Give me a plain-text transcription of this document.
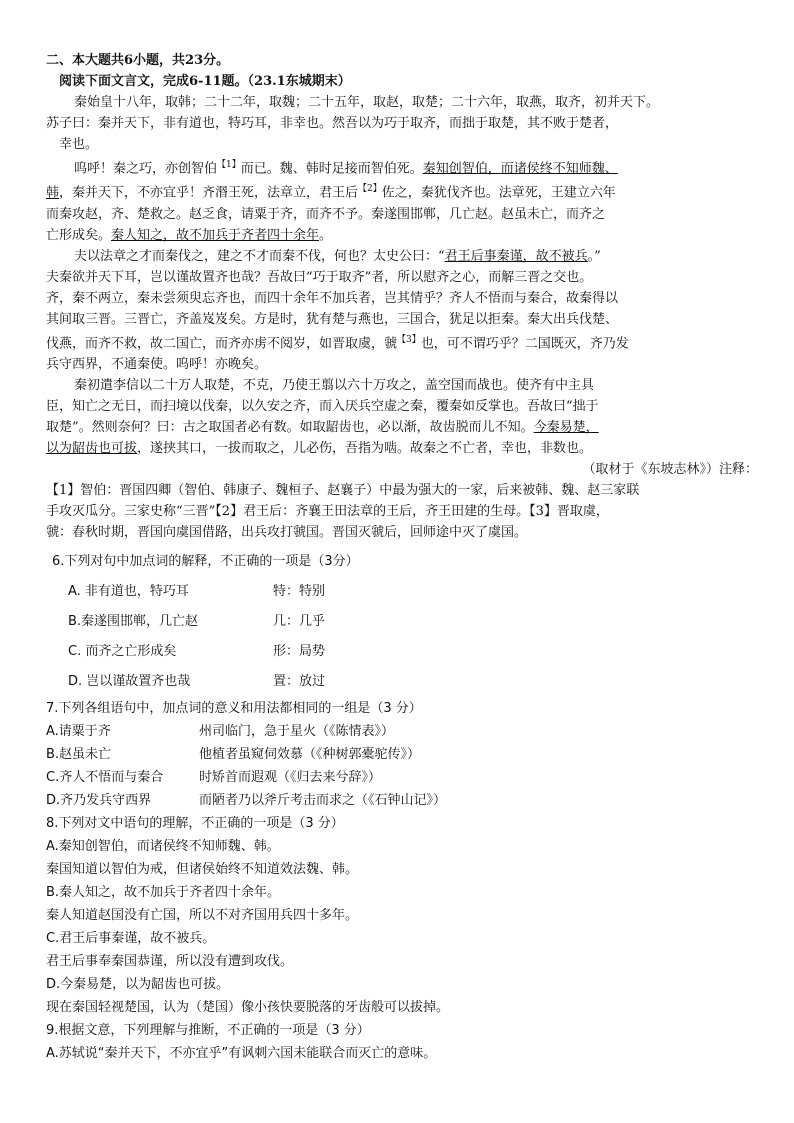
二、本大题共6小题，共23分。
阅读下面文言文，完成6-11题。（23.1东城期末）
秦始皇十八年，取韩；二十二年，取魏；二十五年，取赵，取楚；二十六年，取燕，取齐，初并天下。
苏子曰：秦并天下，非有道也，特巧耳，非幸也。然吾以为巧于取齐，而拙于取楚，其不败于楚者，
幸也。
呜呼！秦之巧，亦创智伯$^{【1】}$而已。魏、韩时足接而智伯死。秦知创智伯，而诸侯终不知师魏、
韩，秦并天下，不亦宜乎！齐湣王死，法章立，君王后$^{【2】}$佐之，秦犹伐齐也。法章死，王建立六年
而秦攻赵，齐、楚救之。赵乏食，请粟于齐，而齐不予。秦遂围邯郸，几亡赵。赵虽未亡，而齐之
亡形成矣。秦人知之，故不加兵于齐者四十余年。
夫以法章之才而秦伐之，建之不才而秦不伐，何也？太史公曰：“君王后事秦谨，故不被兵。”
夫秦欲并天下耳，岂以谨故置齐也哉？吾故曰“巧于取齐”者，所以慰齐之心，而解三晋之交也。
齐，秦不两立，秦未尝须臾忘齐也，而四十余年不加兵者，岂其情乎？齐人不悟而与秦合，故秦得以
其间取三晋。三晋亡，齐盖岌岌矣。方是时，犹有楚与燕也，三国合，犹足以拒秦。秦大出兵伐楚、
伐燕，而齐不救，故二国亡，而齐亦虏不阅岁，如晋取虞，虢$^{【3】}$也，可不谓巧乎？二国既灭，齐乃发
兵守西界，不通秦使。呜呼！亦晚矣。
秦初遣李信以二十万人取楚，不克，乃使王翦以六十万攻之，盖空国而战也。使齐有中主具
臣，知亡之无日，而扫境以伐秦，以久安之齐，而入厌兵空虚之秦，覆秦如反掌也。吾故曰“拙于
取楚”。然则奈何？曰：古之取国者必有数。如取龆齿也，必以渐，故齿脱而儿不知。今秦易楚，
以为龆齿也可拔，遂挟其口，一拔而取之，儿必伤，吾指为啮。故秦之不亡者，幸也，非数也。
（取材于《东坡志林》）注释：
【1】智伯：晋国四卿（智伯、韩康子、魏桓子、赵襄子）中最为强大的一家，后来被韩、魏、赵三家联
手攻灭瓜分。三家史称“三晋”【2】君王后：齐襄王田法章的王后，齐王田建的生母。【3】晋取虞，
虢：春秋时期，晋国向虞国借路，出兵攻打虢国。晋国灭虢后，回师途中灭了虞国。
6.下列对句中加点词的解释，不正确的一项是（3分）
A. 非有道也，特巧耳	特：特别
B.秦遂围邯郸，几亡赵	几：几乎
C. 而齐之亡形成矣	形：局势
D. 岂以谨故置齐也哉	置：放过
7.下列各组语句中，加点词的意义和用法都相同的一组是（3 分）
A.请粟于齐	州司临门，急于星火（《陈情表》）
B.赵虽未亡	他植者虽窥伺效慕（《种树郭橐驼传》）
C.齐人不悟而与秦合	时矫首而遐观（《归去来兮辞》）
D.齐乃发兵守西界	而陋者乃以斧斤考击而求之（《石钟山记》）
8.下列对文中语句的理解，不正确的一项是（3 分）
A.秦知创智伯，而诸侯终不知师魏、韩。
秦国知道以智伯为戒，但诸侯始终不知道效法魏、韩。
B.秦人知之，故不加兵于齐者四十余年。
秦人知道赵国没有亡国，所以不对齐国用兵四十多年。
C.君王后事秦谨，故不被兵。
君王后事奉秦国恭谨，所以没有遭到攻伐。
D.今秦易楚，以为龆齿也可拔。
现在秦国轻视楚国，认为（楚国）像小孩快要脱落的牙齿般可以拔掉。
9.根据文意，下列理解与推断，不正确的一项是（3 分）
A.苏轼说“秦并天下，不亦宜乎”有讽刺六国未能联合而灭亡的意味。
